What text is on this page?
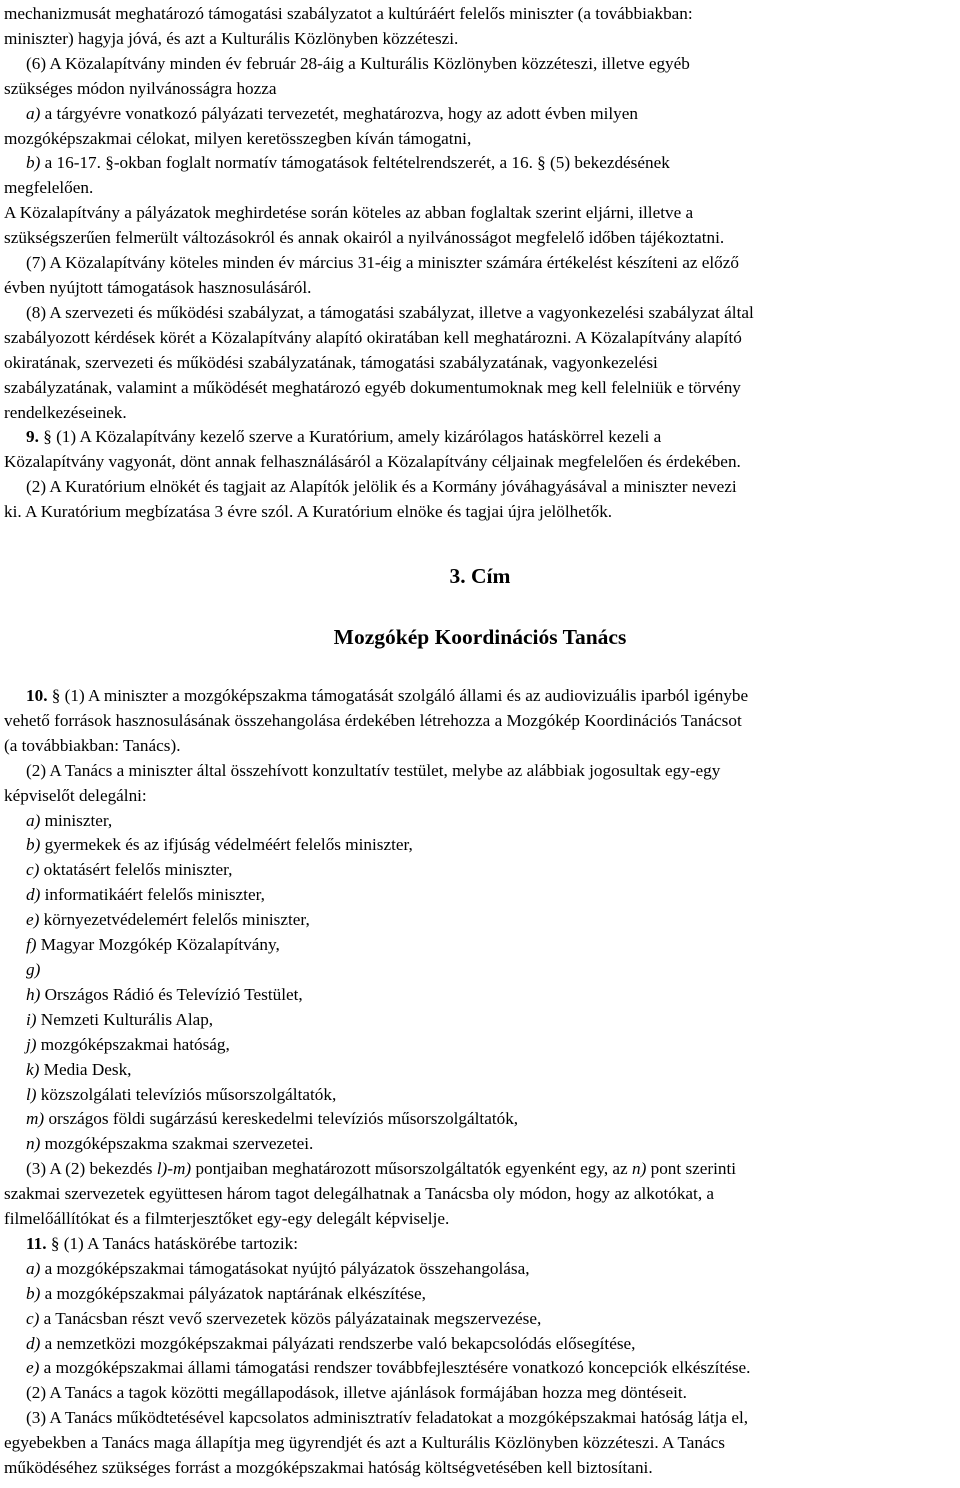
mechanizmusát meghatározó támogatási szabályzatot a kultúráért felelős miniszter (a továbbiakban:

miniszter) hagyja jóvá, és azt a Kulturális Közlönyben közzéteszi.

(6) A Közalapítvány minden év február 28-áig a Kulturális Közlönyben közzéteszi, illetve egyéb

szükséges módon nyilvánosságra hozza

a) a tárgyévre vonatkozó pályázati tervezetét, meghatározva, hogy az adott évben milyen

mozgóképszakmai célokat, milyen keretösszegben kíván támogatni,

b) a 16-17. §-okban foglalt normatív támogatások feltételrendszerét, a 16. § (5) bekezdésének

megfelelően.

A Közalapítvány a pályázatok meghirdetése során köteles az abban foglaltak szerint eljárni, illetve a

szükségszerűen felmerült változásokról és annak okairól a nyilvánosságot megfelelő időben tájékoztatni.

(7) A Közalapítvány köteles minden év március 31-éig a miniszter számára értékelést készíteni az előző

évben nyújtott támogatások hasznosulásáról.

(8) A szervezeti és működési szabályzat, a támogatási szabályzat, illetve a vagyonkezelési szabályzat által

szabályozott kérdések körét a Közalapítvány alapító okiratában kell meghatározni. A Közalapítvány alapító

okiratának, szervezeti és működési szabályzatának, támogatási szabályzatának, vagyonkezelési

szabályzatának, valamint a működését meghatározó egyéb dokumentumoknak meg kell felelniük e törvény

rendelkezéseinek.

9. § (1) A Közalapítvány kezelő szerve a Kuratórium, amely kizárólagos hatáskörrel kezeli a

Közalapítvány vagyonát, dönt annak felhasználásáról a Közalapítvány céljainak megfelelően és érdekében.

(2) A Kuratórium elnökét és tagjait az Alapítók jelölik és a Kormány jóváhagyásával a miniszter nevezi

ki. A Kuratórium megbízatása 3 évre szól. A Kuratórium elnöke és tagjai újra jelölhetők.

3. Cím
Mozgókép Koordinációs Tanács

10. § (1) A miniszter a mozgóképszakma támogatását szolgáló állami és az audiovizuális iparból igénybe

vehető források hasznosulásának összehangolása érdekében létrehozza a Mozgókép Koordinációs Tanácsot

(a továbbiakban: Tanács).

(2) A Tanács a miniszter által összehívott konzultatív testület, melybe az alábbiak jogosultak egy-egy

képviselőt delegálni:

a) miniszter,

b) gyermekek és az ifjúság védelméért felelős miniszter,

c) oktatásért felelős miniszter,

d) informatikáért felelős miniszter,

e) környezetvédelemért felelős miniszter,

f) Magyar Mozgókép Közalapítvány,

g)

h) Országos Rádió és Televízió Testület,

i) Nemzeti Kulturális Alap,

j) mozgóképszakmai hatóság,

k) Media Desk,

l) közszolgálati televíziós műsorszolgáltatók,

m) országos földi sugárzású kereskedelmi televíziós műsorszolgáltatók,

n) mozgóképszakma szakmai szervezetei.

(3) A (2) bekezdés l)-m) pontjaiban meghatározott műsorszolgáltatók egyenként egy, az n) pont szerinti

szakmai szervezetek együttesen három tagot delegálhatnak a Tanácsba oly módon, hogy az alkotókat, a

filmelőállítókat és a filmterjesztőket egy-egy delegált képviselje.

11. § (1) A Tanács hatáskörébe tartozik:

a) a mozgóképszakmai támogatásokat nyújtó pályázatok összehangolása,

b) a mozgóképszakmai pályázatok naptárának elkészítése,

c) a Tanácsban részt vevő szervezetek közös pályázatainak megszervezése,

d) a nemzetközi mozgóképszakmai pályázati rendszerbe való bekapcsolódás elősegítése,

e) a mozgóképszakmai állami támogatási rendszer továbbfejlesztésére vonatkozó koncepciók elkészítése.

(2) A Tanács a tagok közötti megállapodások, illetve ajánlások formájában hozza meg döntéseit.

(3) A Tanács működtetésével kapcsolatos adminisztratív feladatokat a mozgóképszakmai hatóság látja el,

egyebekben a Tanács maga állapítja meg ügyrendjét és azt a Kulturális Közlönyben közzéteszi. A Tanács

működéséhez szükséges forrást a mozgóképszakmai hatóság költségvetésében kell biztosítani.
